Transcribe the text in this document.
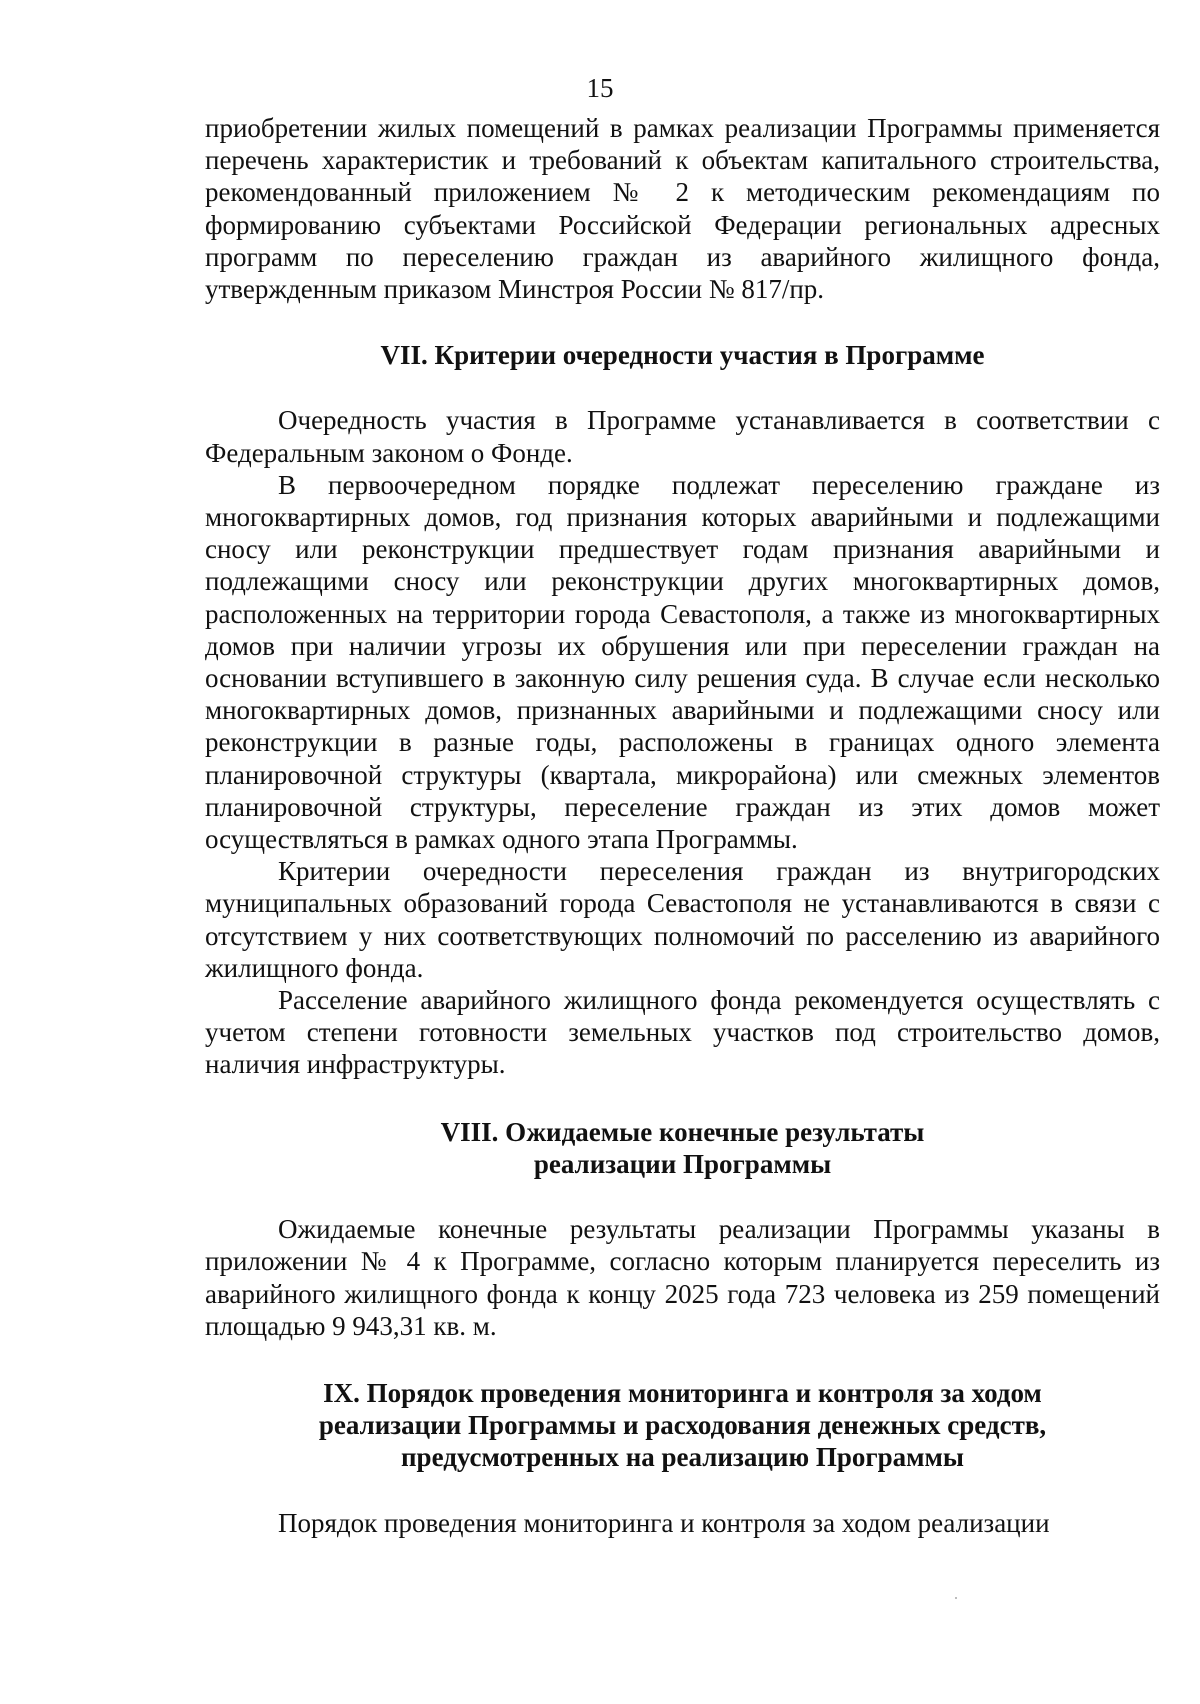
15

приобретении жилых помещений в рамках реализации Программы применяется перечень характеристик и требований к объектам капитального строительства, рекомендованный приложением № 2 к методическим рекомендациям по формированию субъектами Российской Федерации региональных адресных программ по переселению граждан из аварийного жилищного фонда, утвержденным приказом Минстроя России № 817/пр.

VII. Критерии очередности участия в Программе

Очередность участия в Программе устанавливается в соответствии с Федеральным законом о Фонде.

В первоочередном порядке подлежат переселению граждане из многоквартирных домов, год признания которых аварийными и подлежащими сносу или реконструкции предшествует годам признания аварийными и подлежащими сносу или реконструкции других многоквартирных домов, расположенных на территории города Севастополя, а также из многоквартирных домов при наличии угрозы их обрушения или при переселении граждан на основании вступившего в законную силу решения суда. В случае если несколько многоквартирных домов, признанных аварийными и подлежащими сносу или реконструкции в разные годы, расположены в границах одного элемента планировочной структуры (квартала, микрорайона) или смежных элементов планировочной структуры, переселение граждан из этих домов может осуществляться в рамках одного этапа Программы.

Критерии очередности переселения граждан из внутригородских муниципальных образований города Севастополя не устанавливаются в связи с отсутствием у них соответствующих полномочий по расселению из аварийного жилищного фонда.

Расселение аварийного жилищного фонда рекомендуется осуществлять с учетом степени готовности земельных участков под строительство домов, наличия инфраструктуры.

VIII. Ожидаемые конечные результаты
реализации Программы

Ожидаемые конечные результаты реализации Программы указаны в приложении № 4 к Программе, согласно которым планируется переселить из аварийного жилищного фонда к концу 2025 года 723 человека из 259 помещений площадью 9 943,31 кв. м.

IX. Порядок проведения мониторинга и контроля за ходом
реализации Программы и расходования денежных средств,
предусмотренных на реализацию Программы

Порядок проведения мониторинга и контроля за ходом реализации
